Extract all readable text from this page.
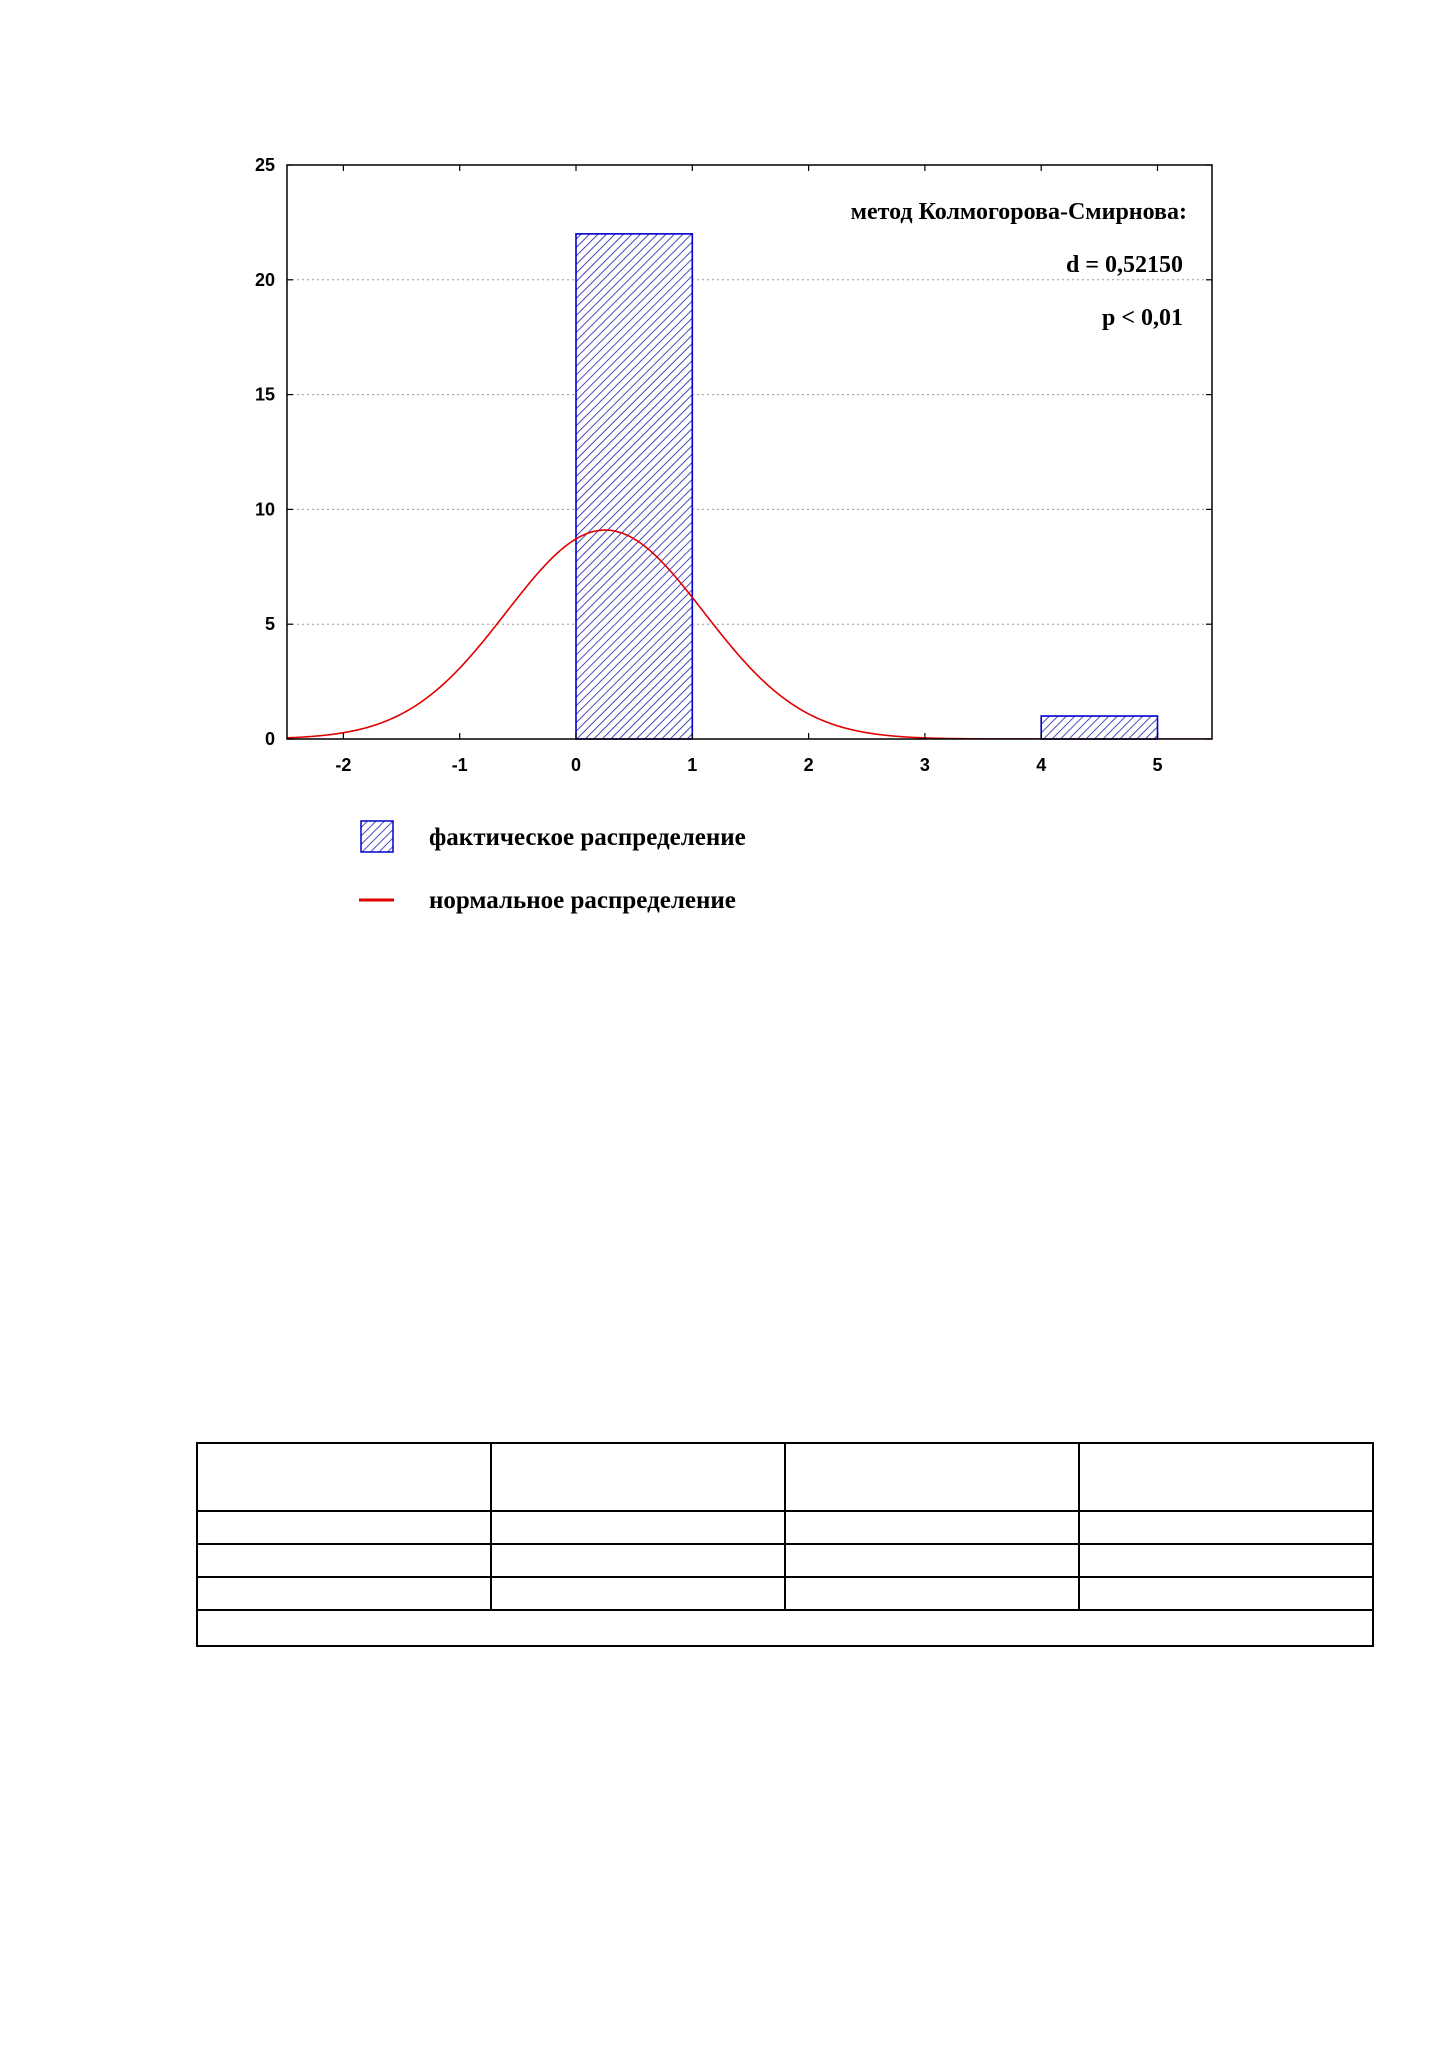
0
5
10
15
20
25
-2	-1	0	1	2	3	4	5
метод Колмогорова-Смирнова:
d = 0,52150
p < 0,01
фактическое распределение
нормальное распределение
